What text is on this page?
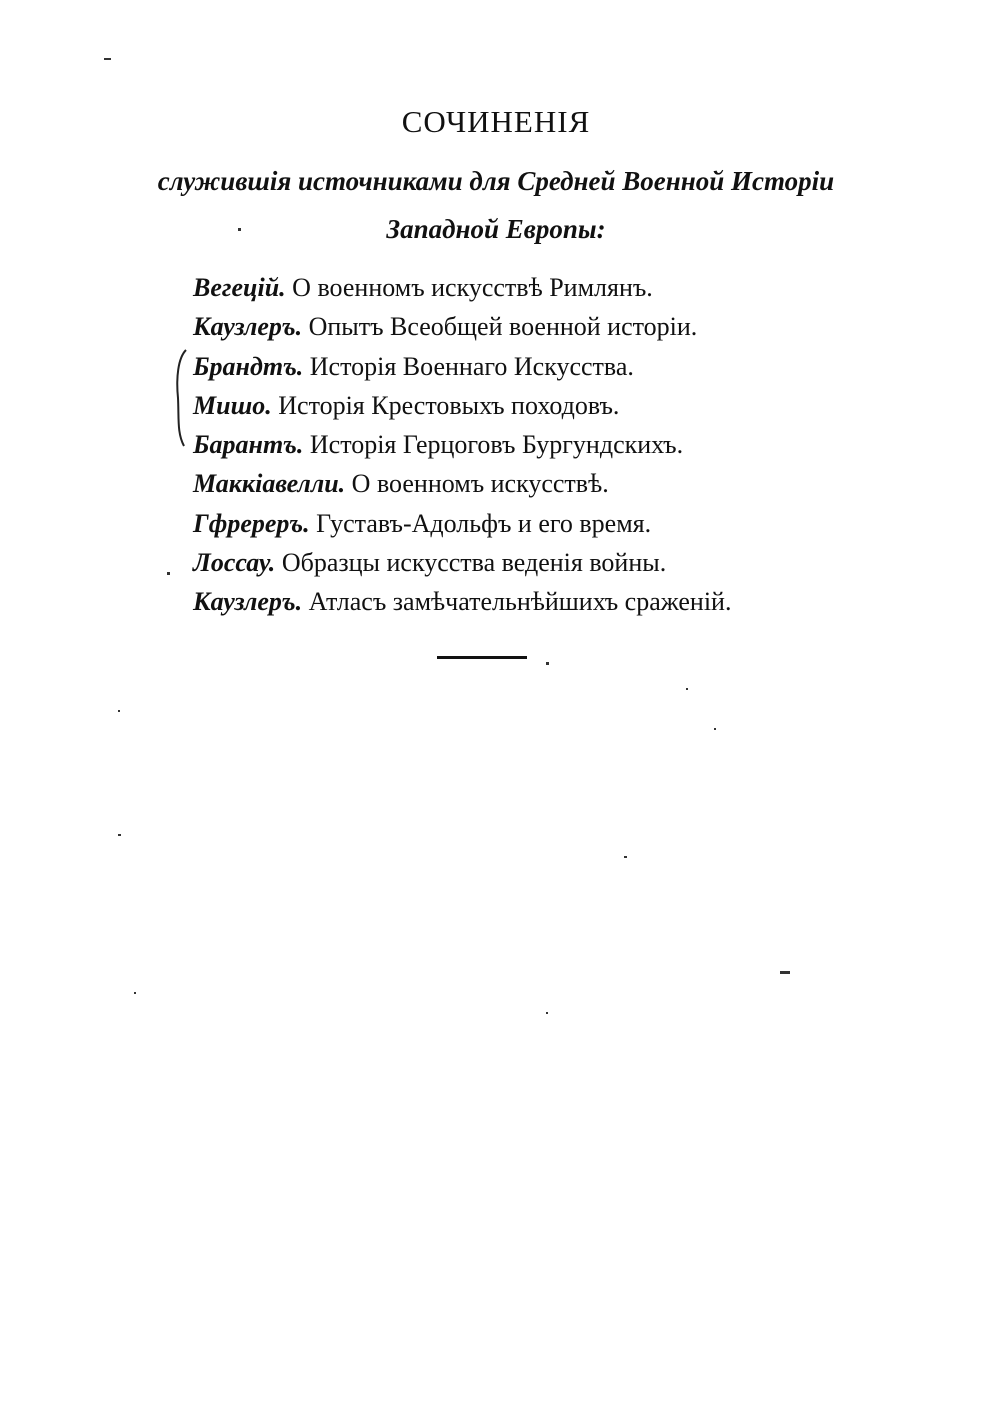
СОЧИНЕНІЯ
служившія источниками для Средней Военной Исторіи Западной Европы:
Вегецій. О военномъ искусствѣ Римлянъ.
Каузлеръ. Опытъ Всеобщей военной исторіи.
Брандтъ. Исторія Военнаго Искусства.
Мишо. Исторія Крестовыхъ походовъ.
Барантъ. Исторія Герцоговъ Бургундскихъ.
Маккіавелли. О военномъ искусствѣ.
Гфререръ. Густавъ-Адольфъ и его время.
Лоссау. Образцы искусства веденія войны.
Каузлеръ. Атласъ замѣчательнѣйшихъ сраженій.
